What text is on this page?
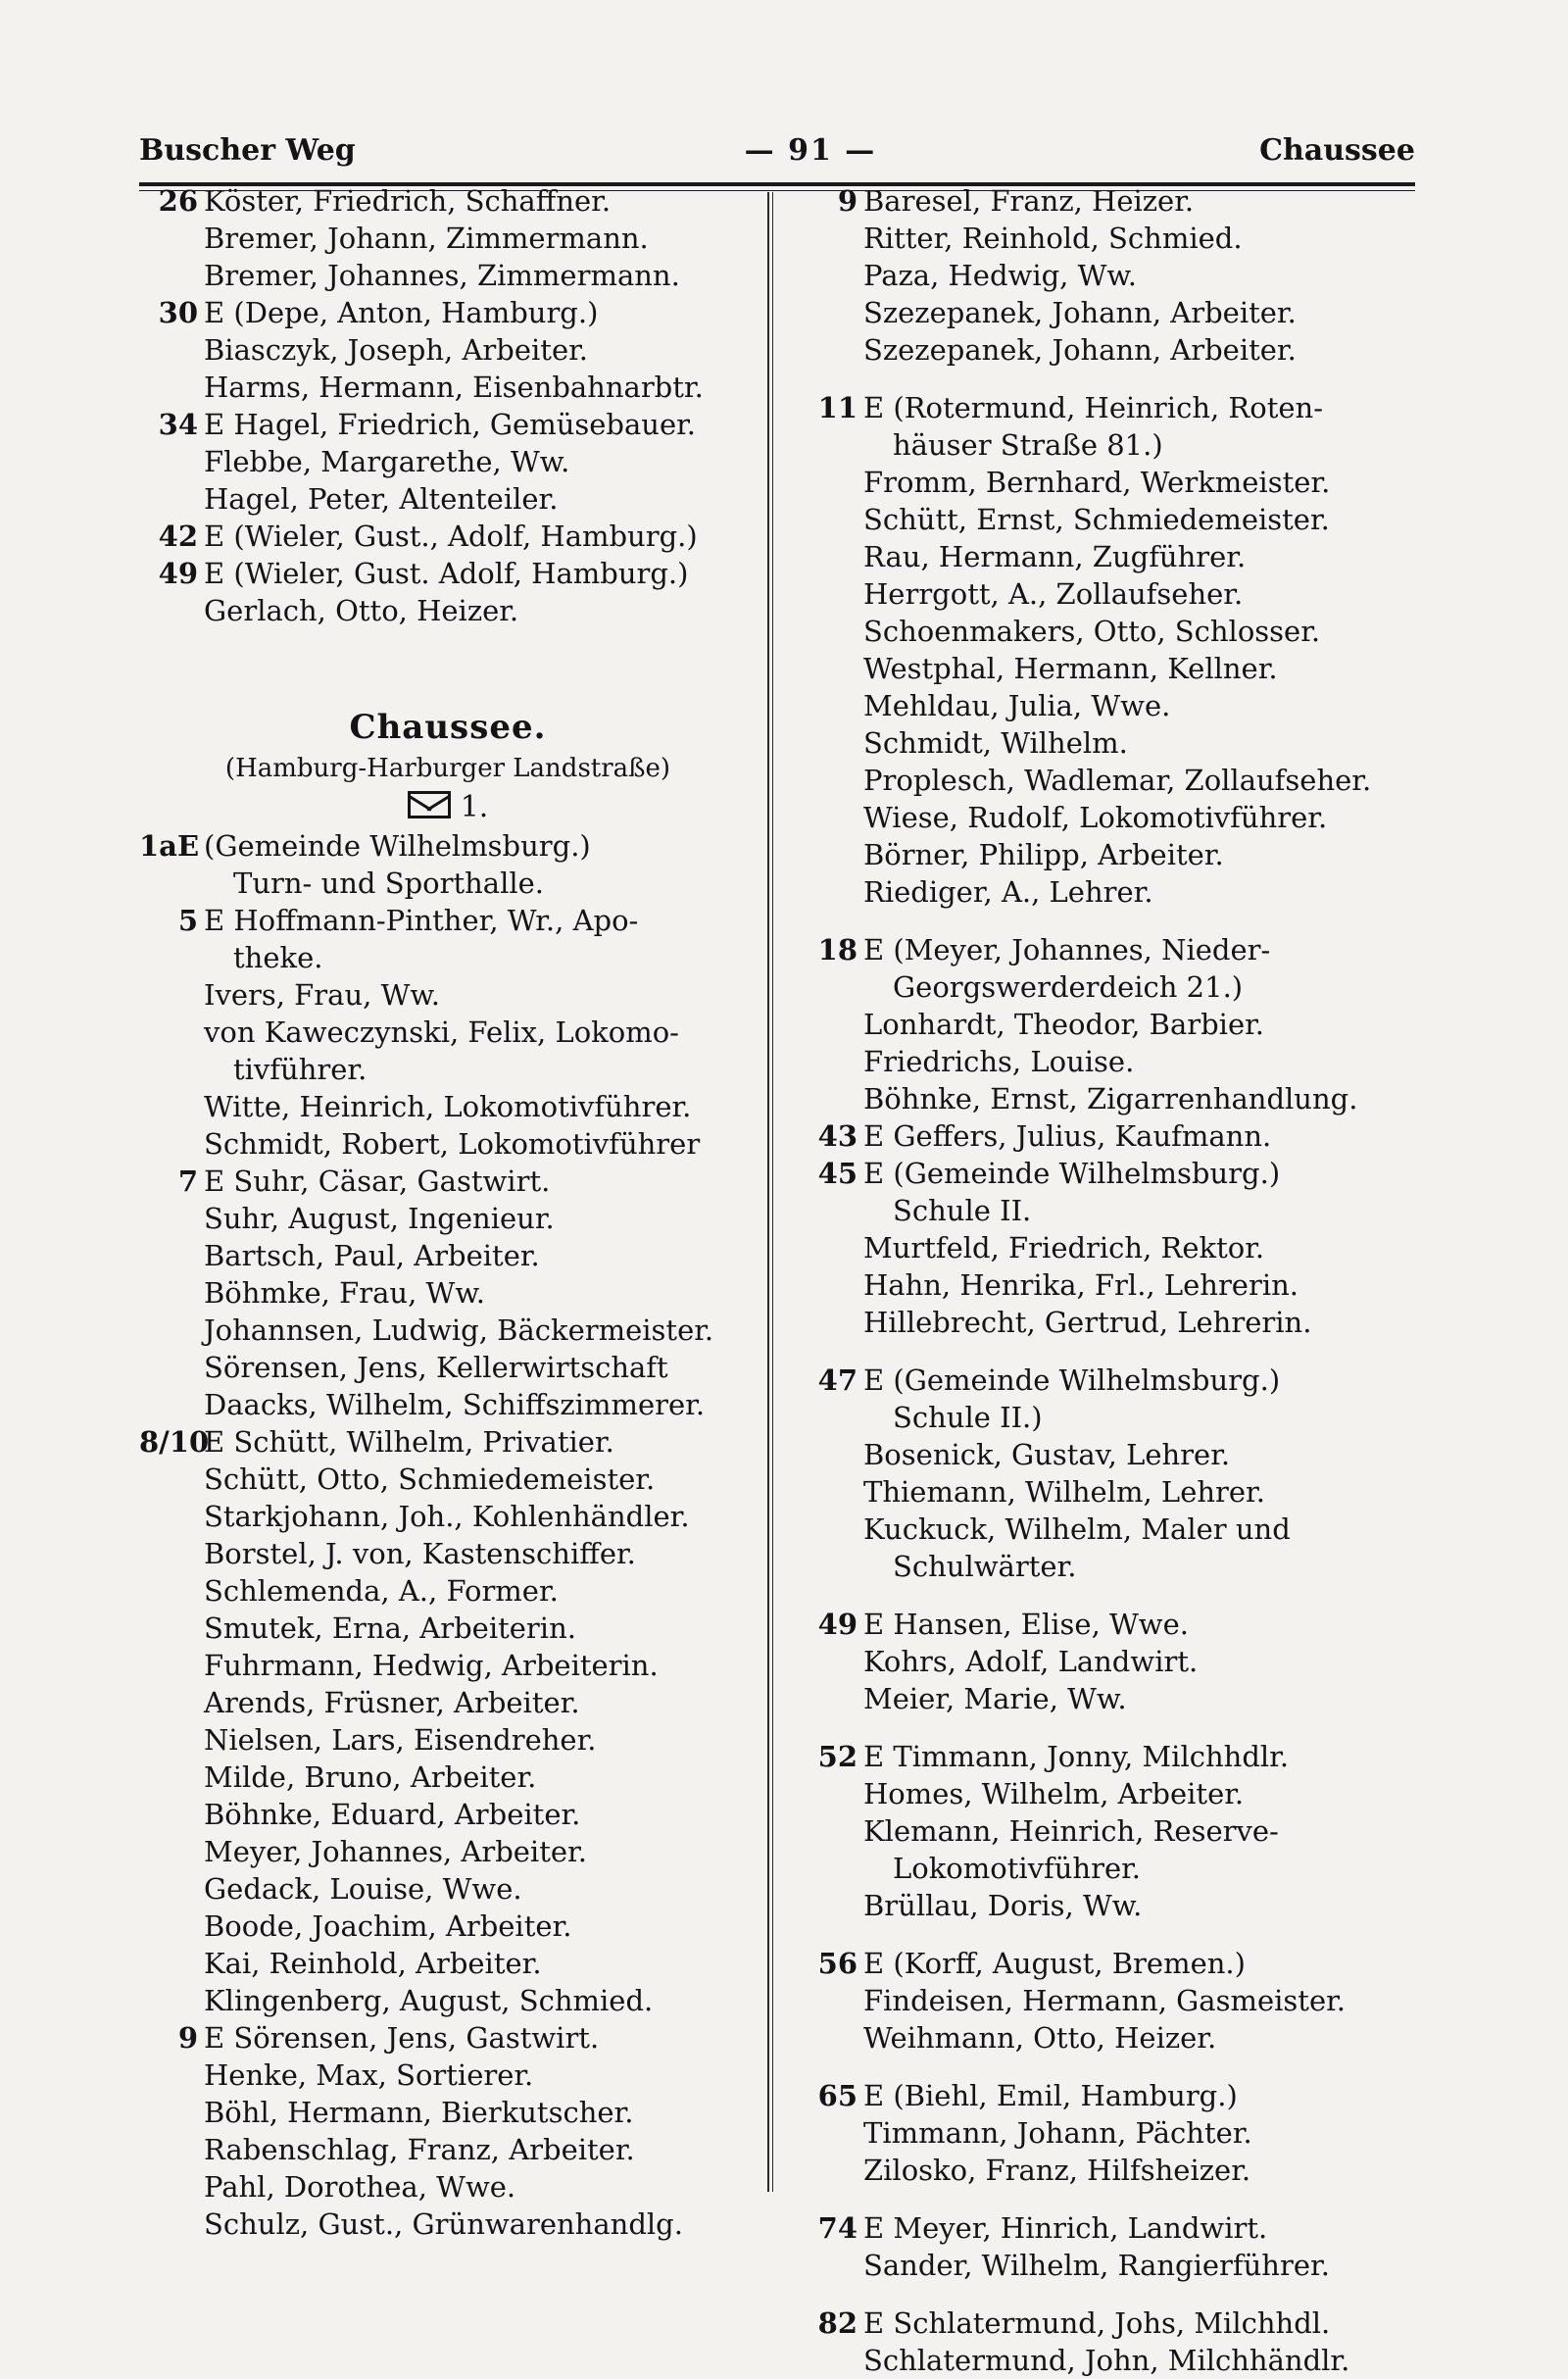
Buscher Weg	— 91 —	Chaussee
26 Köster, Friedrich, Schaffner.
Bremer, Johann, Zimmermann.
Bremer, Johannes, Zimmermann.
30 E (Depe, Anton, Hamburg.)
Biasczyk, Joseph, Arbeiter.
Harms, Hermann, Eisenbahnarbtr.
34 E Hagel, Friedrich, Gemüsebauer.
Flebbe, Margarethe, Ww.
Hagel, Peter, Altenteiler.
42 E (Wieler, Gust., Adolf, Hamburg.)
49 E (Wieler, Gust. Adolf, Hamburg.)
Gerlach, Otto, Heizer.
Chaussee.
(Hamburg-Harburger Landstraße)
1.
1aE (Gemeinde Wilhelmsburg.)
Turn- und Sporthalle.
5 E Hoffmann-Pinther, Wr., Apo-
theke.
Ivers, Frau, Ww.
von Kaweczynski, Felix, Lokomo-
tivführer.
Witte, Heinrich, Lokomotivführer.
Schmidt, Robert, Lokomotivführer
7 E Suhr, Cäsar, Gastwirt.
Suhr, August, Ingenieur.
Bartsch, Paul, Arbeiter.
Böhmke, Frau, Ww.
Johannsen, Ludwig, Bäckermeister.
Sörensen, Jens, Kellerwirtschaft
Daacks, Wilhelm, Schiffszimmerer.
8/10
E Schütt, Wilhelm, Privatier.
Schütt, Otto, Schmiedemeister.
Starkjohann, Joh., Kohlenhändler.
Borstel, J. von, Kastenschiffer.
Schlemenda, A., Former.
Smutek, Erna, Arbeiterin.
Fuhrmann, Hedwig, Arbeiterin.
Arends, Früsner, Arbeiter.
Nielsen, Lars, Eisendreher.
Milde, Bruno, Arbeiter.
Böhnke, Eduard, Arbeiter.
Meyer, Johannes, Arbeiter.
Gedack, Louise, Wwe.
Boode, Joachim, Arbeiter.
Kai, Reinhold, Arbeiter.
Klingenberg, August, Schmied.
9 E Sörensen, Jens, Gastwirt.
Henke, Max, Sortierer.
Böhl, Hermann, Bierkutscher.
Rabenschlag, Franz, Arbeiter.
Pahl, Dorothea, Wwe.
Schulz, Gust., Grünwarenhandlg.
9 Baresel, Franz, Heizer.
Ritter, Reinhold, Schmied.
Paza, Hedwig, Ww.
Szezepanek, Johann, Arbeiter.
Szezepanek, Johann, Arbeiter.
11 E (Rotermund, Heinrich, Roten-
häuser Straße 81.)
Fromm, Bernhard, Werkmeister.
Schütt, Ernst, Schmiedemeister.
Rau, Hermann, Zugführer.
Herrgott, A., Zollaufseher.
Schoenmakers, Otto, Schlosser.
Westphal, Hermann, Kellner.
Mehldau, Julia, Wwe.
Schmidt, Wilhelm.
Proplesch, Wadlemar, Zollaufseher.
Wiese, Rudolf, Lokomotivführer.
Börner, Philipp, Arbeiter.
Riediger, A., Lehrer.
18 E (Meyer, Johannes, Nieder-
Georgswerderdeich 21.)
Lonhardt, Theodor, Barbier.
Friedrichs, Louise.
Böhnke, Ernst, Zigarrenhandlung.
43 E Geffers, Julius, Kaufmann.
45 E (Gemeinde Wilhelmsburg.)
Schule II.
Murtfeld, Friedrich, Rektor.
Hahn, Henrika, Frl., Lehrerin.
Hillebrecht, Gertrud, Lehrerin.
47 E (Gemeinde Wilhelmsburg.)
Schule II.)
Bosenick, Gustav, Lehrer.
Thiemann, Wilhelm, Lehrer.
Kuckuck, Wilhelm, Maler und
Schulwärter.
49 E Hansen, Elise, Wwe.
Kohrs, Adolf, Landwirt.
Meier, Marie, Ww.
52 E Timmann, Jonny, Milchhdlr.
Homes, Wilhelm, Arbeiter.
Klemann, Heinrich, Reserve-
Lokomotivführer.
Brüllau, Doris, Ww.
56 E (Korff, August, Bremen.)
Findeisen, Hermann, Gasmeister.
Weihmann, Otto, Heizer.
65 E (Biehl, Emil, Hamburg.)
Timmann, Johann, Pächter.
Zilosko, Franz, Hilfsheizer.
74 E Meyer, Hinrich, Landwirt.
Sander, Wilhelm, Rangierführer.
82 E Schlatermund, Johs, Milchhdl.
Schlatermund, John, Milchhändlr.
